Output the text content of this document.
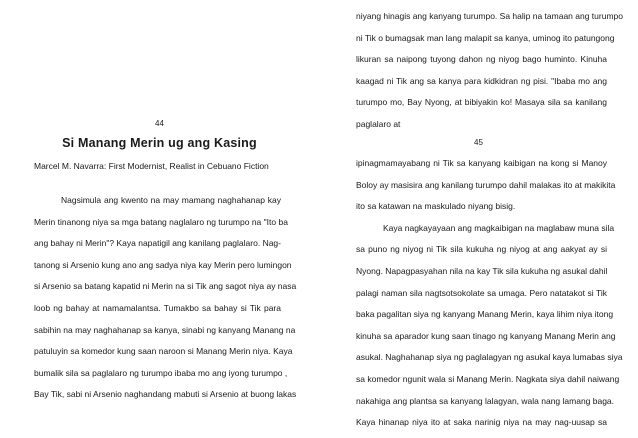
44
Si Manang Merin ug ang Kasing
Marcel M. Navarra: First Modernist, Realist in Cebuano Fiction
Nagsimula ang kwento na may mamang naghahanap kay
Merin tinanong niya sa mga batang naglalaro ng turumpo na "Ito ba
ang bahay ni Merin"? Kaya napatigil ang kanilang paglalaro. Nag-
tanong si Arsenio kung ano ang sadya niya kay Merin pero lumingon
si Arsenio sa batang kapatid ni Merin na si Tik ang sagot niya ay nasa
loob ng bahay at namamalantsa. Tumakbo sa bahay si Tik para
sabihin na may naghahanap sa kanya, sinabi ng kanyang Manang na
patuluyin sa komedor kung saan naroon si Manang Merin niya. Kaya
bumalik sila sa paglalaro ng turumpo ibaba mo ang iyong turumpo ,
Bay Tik, sabi ni Arsenio naghandang mabuti si Arsenio at buong lakas
niyang hinagis ang kanyang turumpo. Sa halip na tamaan ang turumpo
ni Tik o bumagsak man lang malapit sa kanya, uminog ito patungong
likuran sa naipong tuyong dahon ng niyog bago huminto. Kinuha
kaagad ni Tik ang sa kanya para kidkidran ng pisi. "Ibaba mo ang
turumpo mo, Bay Nyong, at bibiyakin ko! Masaya sila sa kanilang
paglalaro at
45
ipinagmamayabang ni Tik sa kanyang kaibigan na kong si Manoy
Boloy ay masisira ang kanilang turumpo dahil malakas ito at makikita
ito sa katawan na maskulado niyang bisig.
Kaya nagkayayaan ang magkaibigan na maglabaw muna sila
sa puno ng niyog ni Tik sila kukuha ng niyog at ang aakyat ay si
Nyong. Napagpasyahan nila na kay Tik sila kukuha ng asukal dahil
palagi naman sila nagtsotsokolate sa umaga. Pero natatakot si Tik
baka pagalitan siya ng kanyang Manang Merin, kaya lihim niya itong
kinuha sa aparador kung saan tinago ng kanyang Manang Merin ang
asukal. Naghahanap siya ng paglalagyan ng asukal kaya lumabas siya
sa komedor ngunit wala si Manang Merin. Nagkata siya dahil naiwang
nakahiga ang plantsa sa kanyang lalagyan, wala nang lamang baga.
Kaya hinanap niya ito at saka narinig niya na may nag-uusap sa
